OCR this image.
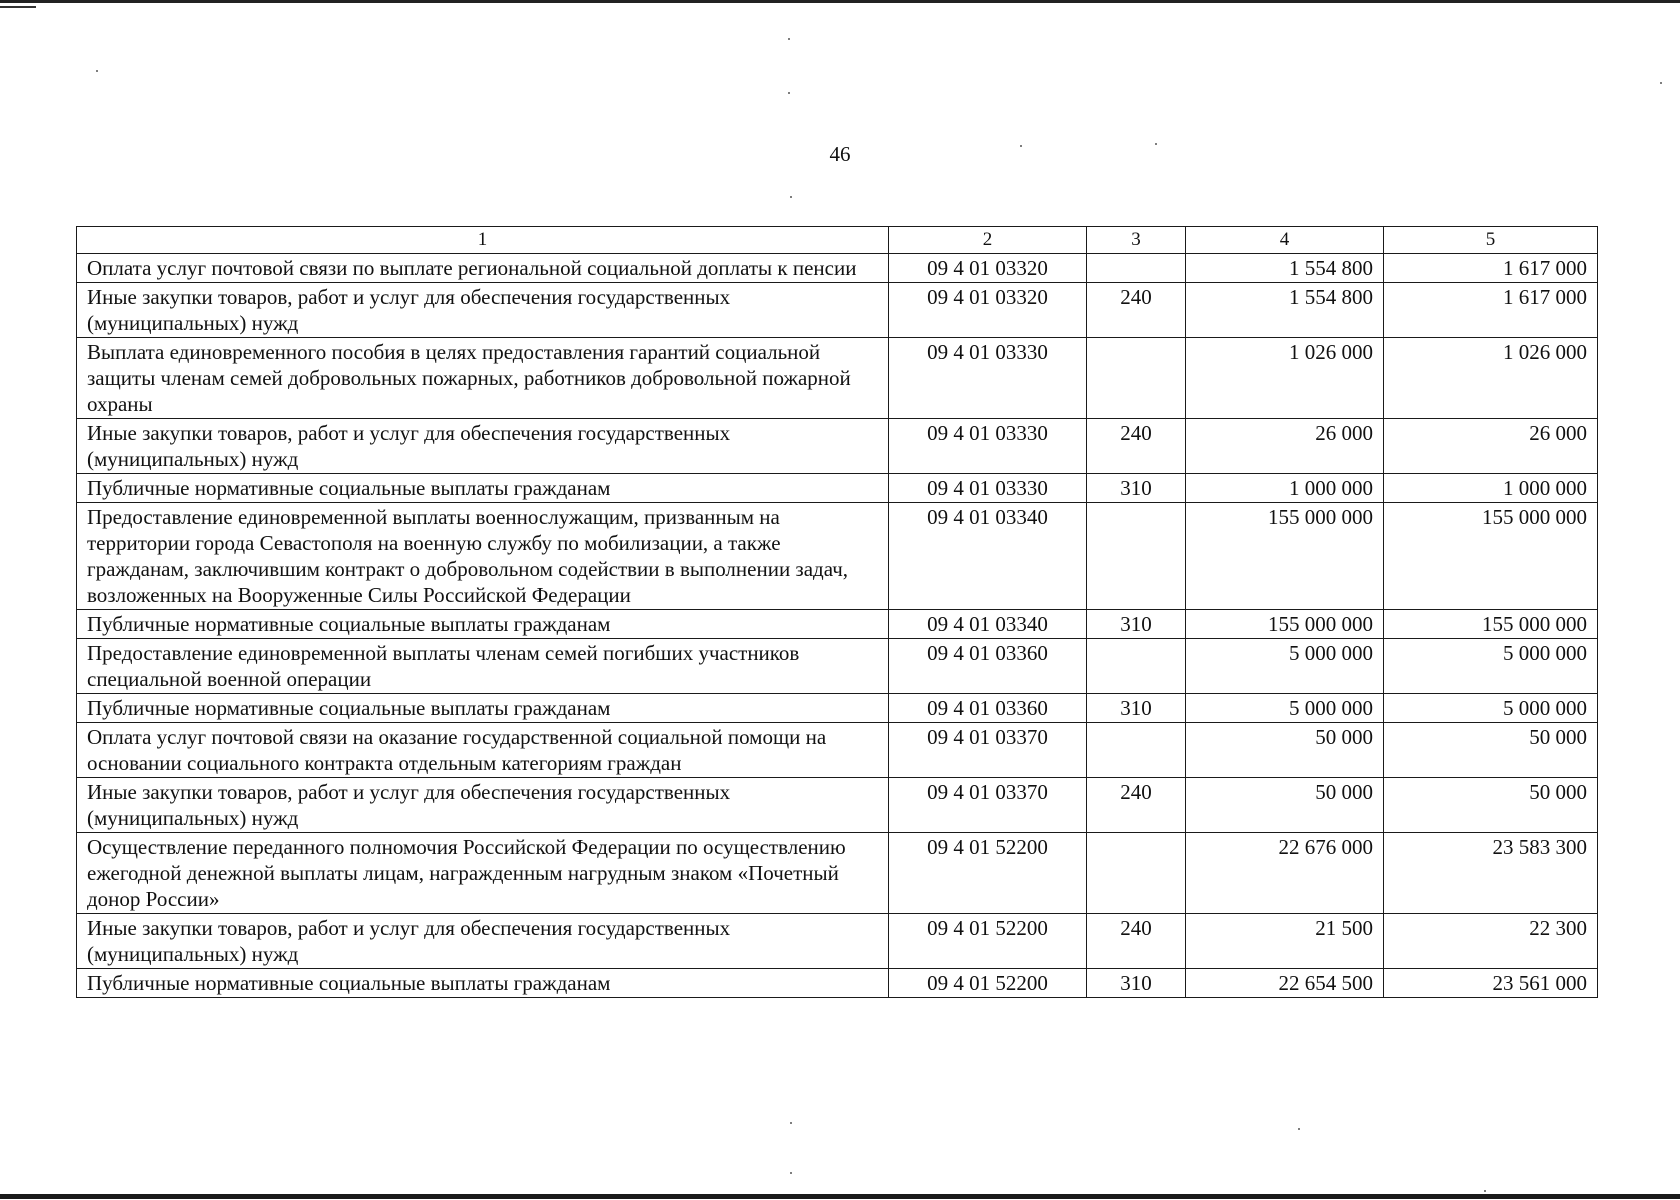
46
1	2	3	4	5
Оплата услуг почтовой связи по выплате региональной социальной доплаты к пенсии	09 4 01 03320		1 554 800	1 617 000
Иные закупки товаров, работ и услуг для обеспечения государственных (муниципальных) нужд	09 4 01 03320	240	1 554 800	1 617 000
Выплата единовременного пособия в целях предоставления гарантий социальной защиты членам семей добровольных пожарных, работников добровольной пожарной охраны	09 4 01 03330		1 026 000	1 026 000
Иные закупки товаров, работ и услуг для обеспечения государственных (муниципальных) нужд	09 4 01 03330	240	26 000	26 000
Публичные нормативные социальные выплаты гражданам	09 4 01 03330	310	1 000 000	1 000 000
Предоставление единовременной выплаты военнослужащим, призванным на территории города Севастополя на военную службу по мобилизации, а также гражданам, заключившим контракт о добровольном содействии в выполнении задач, возложенных на Вооруженные Силы Российской Федерации	09 4 01 03340		155 000 000	155 000 000
Публичные нормативные социальные выплаты гражданам	09 4 01 03340	310	155 000 000	155 000 000
Предоставление единовременной выплаты членам семей погибших участников специальной военной операции	09 4 01 03360		5 000 000	5 000 000
Публичные нормативные социальные выплаты гражданам	09 4 01 03360	310	5 000 000	5 000 000
Оплата услуг почтовой связи на оказание государственной социальной помощи на основании социального контракта отдельным категориям граждан	09 4 01 03370		50 000	50 000
Иные закупки товаров, работ и услуг для обеспечения государственных (муниципальных) нужд	09 4 01 03370	240	50 000	50 000
Осуществление переданного полномочия Российской Федерации по осуществлению ежегодной денежной выплаты лицам, награжденным нагрудным знаком «Почетный донор России»	09 4 01 52200		22 676 000	23 583 300
Иные закупки товаров, работ и услуг для обеспечения государственных (муниципальных) нужд	09 4 01 52200	240	21 500	22 300
Публичные нормативные социальные выплаты гражданам	09 4 01 52200	310	22 654 500	23 561 000
